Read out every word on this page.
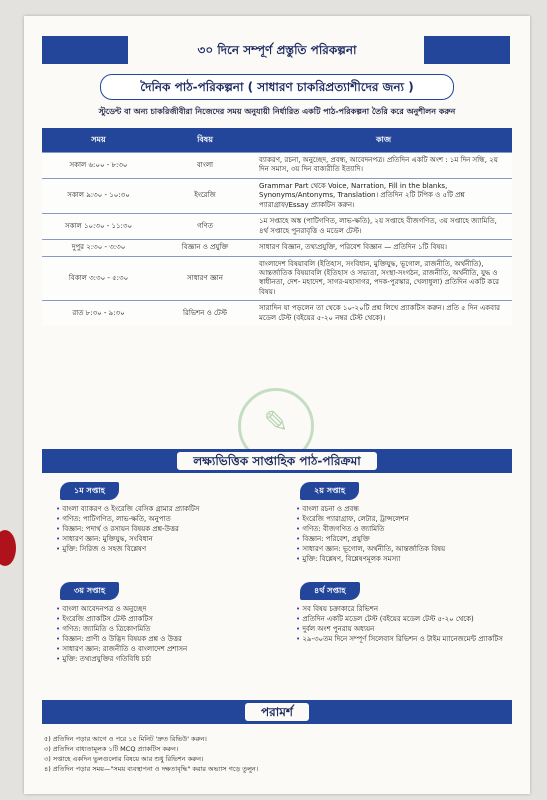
৩০ দিনে সম্পূর্ণ প্রস্তুতি পরিকল্পনা
দৈনিক পাঠ-পরিকল্পনা ( সাধারণ চাকরিপ্রত্যাশীদের জন্য )
স্টুডেন্ট বা অন্য চাকরিজীবীরা নিজেদের সময় অনুযায়ী নির্ধারিত একটি পাঠ-পরিকল্পনা তৈরি করে অনুশীলন করুন
সময়	বিষয়	কাজ
সকাল ৬:০০ - ৮:৩০	বাংলা	ব্যাকরণ, রচনা, অনুচ্ছেদ, প্রবন্ধ, আবেদনপত্র। প্রতিদিন একটি অংশ : ১ম দিন সন্ধি, ২য় দিন সমাস, ৩য় দিন বাক্যরীতি ইত্যাদি।
সকাল ৯:৩০ - ১০:৩০	ইংরেজি	Grammar Part থেকে Voice, Narration, Fill in the blanks, Synonyms/Antonyms, Translation। প্রতিদিন ২টি টপিক ও ৫টি প্রশ্ন প্যারাগ্রাফ/Essay প্র্যাকটিস করুন।
সকাল ১০:৩০ - ১১:৩০	গণিত	১ম সপ্তাহে অঙ্ক (পাটিগণিত, লাভ-ক্ষতি), ২য় সপ্তাহে বীজগণিত, ৩য় সপ্তাহে জ্যামিতি, ৪র্থ সপ্তাহে পুনরাবৃত্তি ও মডেল টেস্ট।
দুপুর ২:৩০ - ৩:৩০	বিজ্ঞান ও প্রযুক্তি	সাধারণ বিজ্ঞান, তথ্যপ্রযুক্তি, পরিবেশ বিজ্ঞান — প্রতিদিন ১টি বিষয়।
বিকাল ৩:৩০ - ৫:৩০	সাধারণ জ্ঞান	বাংলাদেশ বিষয়াবলি (ইতিহাস, সংবিধান, মুক্তিযুদ্ধ, ভূগোল, রাজনীতি, অর্থনীতি), আন্তর্জাতিক বিষয়াবলি (ইতিহাস ও সভ্যতা, সংস্থা-সংগঠন, রাজনীতি, অর্থনীতি, যুদ্ধ ও স্বাধীনতা, দেশ- মহাদেশ, সাগর-মহাসাগর, পদক-পুরস্কার, খেলাধুলা) প্রতিদিন একটি করে বিষয়।
রাত ৮:৩০ - ৯:৩০	রিভিশন ও টেস্ট	সারাদিন যা পড়লেন তা থেকে ১০-২০টি প্রশ্ন লিখে প্র্যাকটিস করুন। প্রতি ৫ দিন একবার মডেল টেস্ট (বইয়ের ৫-২০ নম্বর টেস্ট থেকে)।
✎
লক্ষ্যভিত্তিক সাপ্তাহিক পাঠ-পরিক্রমা
১ম সপ্তাহ
• বাংলা ব্যাকরণ ও ইংরেজি বেসিক গ্রামার প্র্যাকটিস
• গণিত: পাটিগণিত, লাভ-ক্ষতি, অনুপাত
• বিজ্ঞান: পদার্থ ও রসায়ন বিষয়ক প্রশ্ন-উত্তর
• সাধারণ জ্ঞান: মুক্তিযুদ্ধ, সংবিধান
• মুক্তি: সিরিজ ও সহজ বিশ্লেষণ
২য় সপ্তাহ
• বাংলা রচনা ও প্রবন্ধ
• ইংরেজি প্যারাগ্রাফ, লেটার, ট্রান্সলেশন
• গণিত: বীজগণিত ও জ্যামিতি
• বিজ্ঞান: পরিবেশ, প্রযুক্তি
• সাধারণ জ্ঞান: ভূগোল, অর্থনীতি, আন্তর্জাতিক বিষয়
• মুক্তি: বিশ্লেষণ, বিশ্লেষণমূলক সমস্যা
৩য় সপ্তাহ
• বাংলা আবেদনপত্র ও অনুচ্ছেদ
• ইংরেজি প্র্যাকটিস টেস্ট প্র্যাকটিস
• গণিত: জ্যামিতি ও ত্রিকোণমিতি
• বিজ্ঞান: প্রাণী ও উদ্ভিদ বিষয়ক প্রশ্ন ও উত্তর
• সাধারণ জ্ঞান: রাজনীতি ও বাংলাদেশ প্রশাসন
• মুক্তি: তথ্যপ্রযুক্তির গতিবিধি চর্চা
৪র্থ সপ্তাহ
• সব বিষয় চক্রাকারে রিভিশন
• প্রতিদিন একটি মডেল টেস্ট (বইয়ের মডেল টেস্ট ৫-২০ থেকে)
• দুর্বল অংশ পুনরায় অধ্যয়ন
• ২৯-৩০তম দিনে সম্পূর্ণ সিলেবাস রিভিশন ও টাইম ম্যানেজমেন্ট প্র্যাকটিস
পরামর্শ
৫) প্রতিদিন পড়ার আগে ও পরে ১৫ মিনিট 'দ্রুত রিভিউ' করুন।
৩) প্রতিদিন বাধ্যতামূলক ১টি MCQ প্র্যাকটিস করুন।
৩) সপ্তাহে একদিন ভুলগুলোর বিষয়ে আর শুধু রিভিশন করুন।
৪) প্রতিদিন পড়ার সময়—"সময় ব্যবস্থাপনা ও দক্ষতাবৃদ্ধি" করার অভ্যাস গড়ে তুলুন।
